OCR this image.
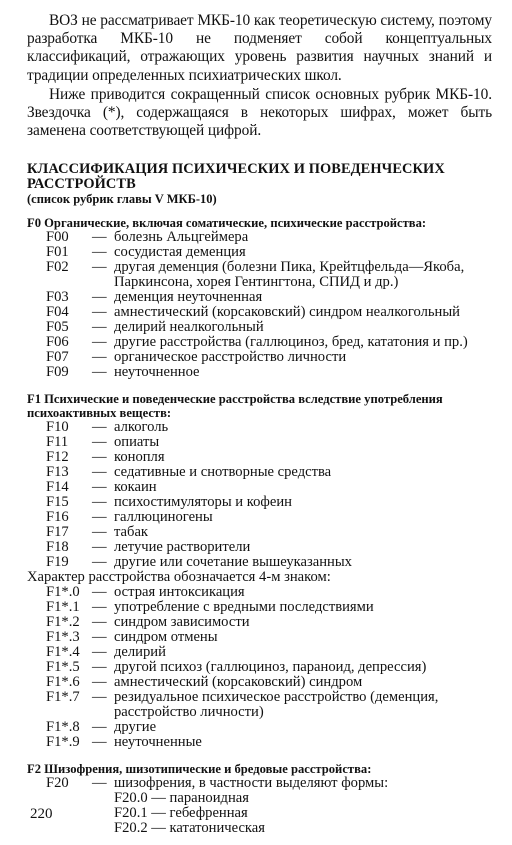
ВОЗ не рассматривает МКБ-10 как теоретическую систему, поэтому разработка МКБ-10 не подменяет собой концептуальных классификаций, отражающих уровень развития научных знаний и традиции определенных психиатрических школ.

Ниже приводится сокращенный список основных рубрик МКБ-10. Звездочка (*), содержащаяся в некоторых шифрах, может быть заменена соответствующей цифрой.

КЛАССИФИКАЦИЯ ПСИХИЧЕСКИХ И ПОВЕДЕНЧЕСКИХ РАССТРОЙСТВ
(список рубрик главы V МКБ-10)
F0 Органические, включая соматические, психические расстройства:
F00	— болезнь Альцгеймера
F01	— сосудистая деменция
F02	— другая деменция (болезни Пика, Крейтцфельда—Якоба, Паркинсона, хорея Гентингтона, СПИД и др.)
F03	— деменция неуточненная
F04	— амнестический (корсаковский) синдром неалкогольный
F05	— делирий неалкогольный
F06	— другие расстройства (галлюциноз, бред, кататония и пр.)
F07	— органическое расстройство личности
F09	— неуточненное
F1 Психические и поведенческие расстройства вследствие употребления психоактивных веществ:
F10	— алкоголь
F11	— опиаты
F12	— конопля
F13	— седативные и снотворные средства
F14	— кокаин
F15	— психостимуляторы и кофеин
F16	— галлюциногены
F17	— табак
F18	— летучие растворители
F19	— другие или сочетание вышеуказанных
Характер расстройства обозначается 4-м знаком:
F1*.0 — острая интоксикация
F1*.1 — употребление с вредными последствиями
F1*.2 — синдром зависимости
F1*.3 — синдром отмены
F1*.4 — делирий
F1*.5 — другой психоз (галлюциноз, параноид, депрессия)
F1*.6 — амнестический (корсаковский) синдром
F1*.7 — резидуальное психическое расстройство (деменция, расстройство личности)
F1*.8 — другие
F1*.9 — неуточненные
F2 Шизофрения, шизотипические и бредовые расстройства:
F20	— шизофрения, в частности выделяют формы:
F20.0 — параноидная
F20.1 — гебефренная
F20.2 — кататоническая
220
